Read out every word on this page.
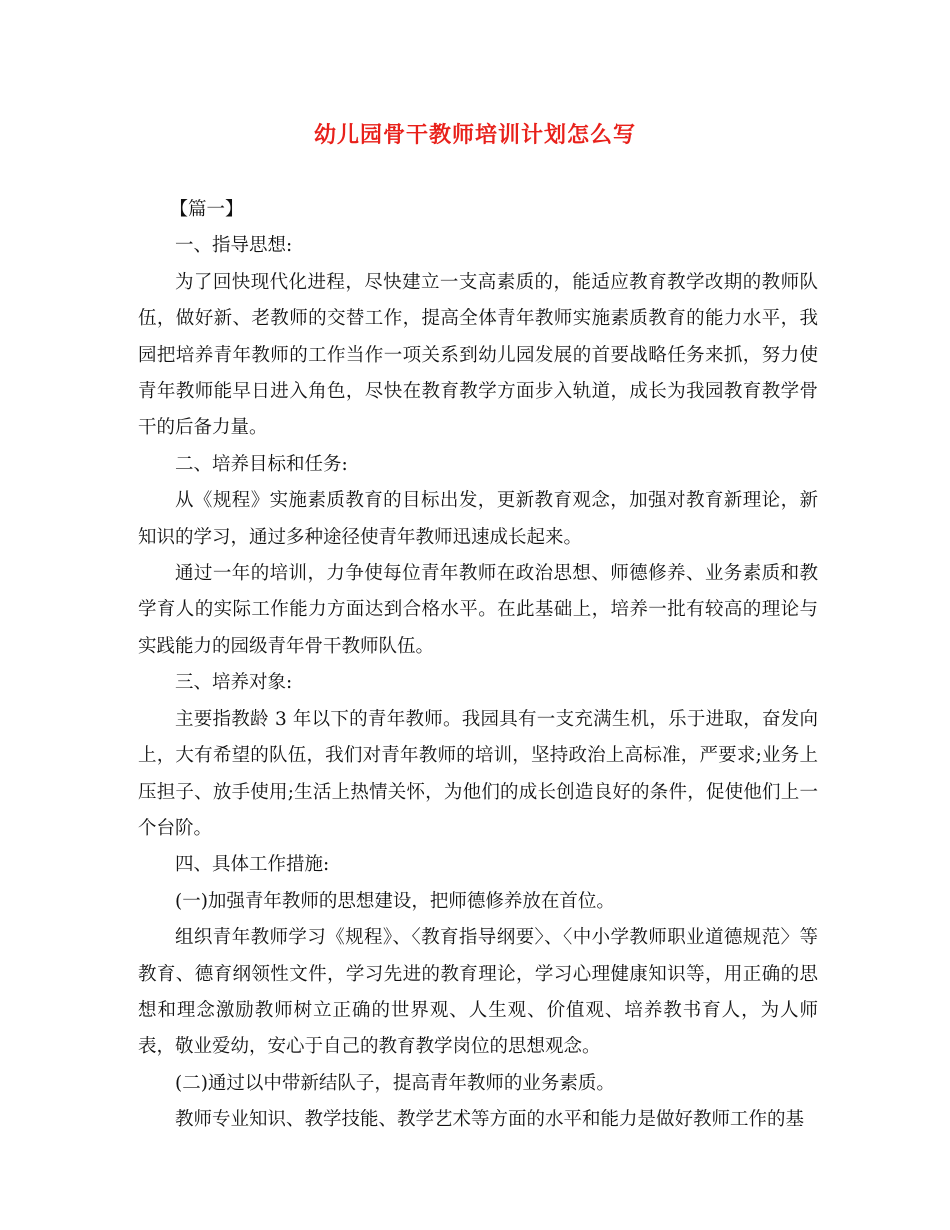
幼儿园骨干教师培训计划怎么写

【篇一】

一、指导思想:

为了回快现代化进程，尽快建立一支高素质的，能适应教育教学改期的教师队伍，做好新、老教师的交替工作，提高全体青年教师实施素质教育的能力水平，我园把培养青年教师的工作当作一项关系到幼儿园发展的首要战略任务来抓，努力使青年教师能早日进入角色，尽快在教育教学方面步入轨道，成长为我园教育教学骨干的后备力量。

二、培养目标和任务:

从《规程》实施素质教育的目标出发，更新教育观念，加强对教育新理论，新知识的学习，通过多种途径使青年教师迅速成长起来。

通过一年的培训，力争使每位青年教师在政治思想、师德修养、业务素质和教学育人的实际工作能力方面达到合格水平。在此基础上，培养一批有较高的理论与实践能力的园级青年骨干教师队伍。

三、培养对象:

主要指教龄 3 年以下的青年教师。我园具有一支充满生机，乐于进取，奋发向上，大有希望的队伍，我们对青年教师的培训，坚持政治上高标准，严要求;业务上压担子、放手使用;生活上热情关怀，为他们的成长创造良好的条件，促使他们上一个台阶。

四、具体工作措施:

(一)加强青年教师的思想建设，把师德修养放在首位。

组织青年教师学习《规程》、〈教育指导纲要〉、〈中小学教师职业道德规范〉等教育、德育纲领性文件，学习先进的教育理论，学习心理健康知识等，用正确的思想和理念激励教师树立正确的世界观、人生观、价值观、培养教书育人，为人师表，敬业爱幼，安心于自己的教育教学岗位的思想观念。

(二)通过以中带新结队子，提高青年教师的业务素质。

教师专业知识、教学技能、教学艺术等方面的水平和能力是做好教师工作的基
